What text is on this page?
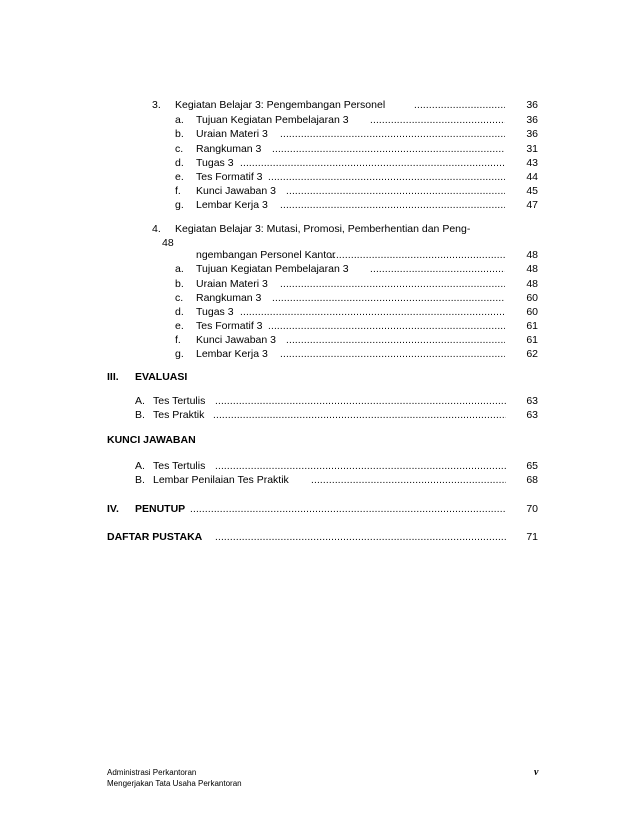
3. Kegiatan Belajar 3: Pengembangan Personel .....	36
a. Tujuan Kegiatan Pembelajaran 3 .....	36
b. Uraian Materi 3 .....	36
c. Rangkuman 3 .....	31
d. Tugas 3 .....	43
e. Tes Formatif 3 .....	44
f. Kunci Jawaban 3 .....	45
g. Lembar Kerja 3 .....	47
4. Kegiatan Belajar 3: Mutasi, Promosi, Pemberhentian dan Peng-
48
ngembangan Personel Kantor .....	48
a. Tujuan Kegiatan Pembelajaran 3 .....	48
b. Uraian Materi 3 .....	48
c. Rangkuman 3 .....	60
d. Tugas 3 .....	60
e. Tes Formatif 3 .....	61
f. Kunci Jawaban 3 .....	61
g. Lembar Kerja 3 .....	62
III. EVALUASI
A. Tes Tertulis .....	63
B. Tes Praktik .....	63
KUNCI JAWABAN
A. Tes Tertulis .....	65
B. Lembar Penilaian Tes Praktik .....	68
IV. PENUTUP .....	70
DAFTAR PUSTAKA .....	71
Administrasi Perkantoran
Mengerjakan Tata Usaha Perkantoran
v
